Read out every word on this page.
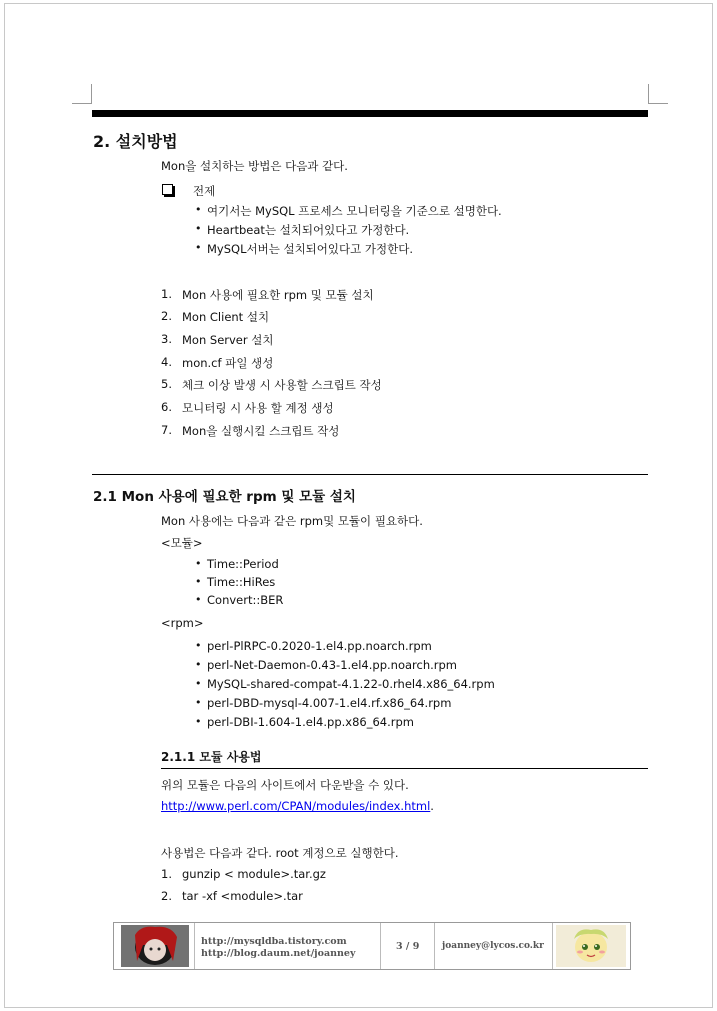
2. 설치방법
Mon을 설치하는 방법은 다음과 같다.
전제
• 여기서는 MySQL 프로세스 모니터링을 기준으로 설명한다.
• Heartbeat는 설치되어있다고 가정한다.
• MySQL서버는 설치되어있다고 가정한다.
1. Mon 사용에 필요한 rpm 및 모듈 설치
2. Mon Client 설치
3. Mon Server 설치
4. mon.cf 파일 생성
5. 체크 이상 발생 시 사용할 스크립트 작성
6. 모니터링 시 사용 할 계정 생성
7. Mon을 실행시킬 스크립트 작성
2.1 Mon 사용에 필요한 rpm 및 모듈 설치
Mon 사용에는 다음과 같은 rpm및 모듈이 필요하다.
<모듈>
• Time::Period
• Time::HiRes
• Convert::BER
<rpm>
• perl-PlRPC-0.2020-1.el4.pp.noarch.rpm
• perl-Net-Daemon-0.43-1.el4.pp.noarch.rpm
• MySQL-shared-compat-4.1.22-0.rhel4.x86_64.rpm
• perl-DBD-mysql-4.007-1.el4.rf.x86_64.rpm
• perl-DBI-1.604-1.el4.pp.x86_64.rpm
2.1.1 모듈 사용법
위의 모듈은 다음의 사이트에서 다운받을 수 있다.
http://www.perl.com/CPAN/modules/index.html.
사용법은 다음과 같다. root 계정으로 실행한다.
1. gunzip < module>.tar.gz
2. tar -xf <module>.tar
http://mysqldba.tistory.com
http://blog.daum.net/joanney
3 / 9	joanney@lycos.co.kr
